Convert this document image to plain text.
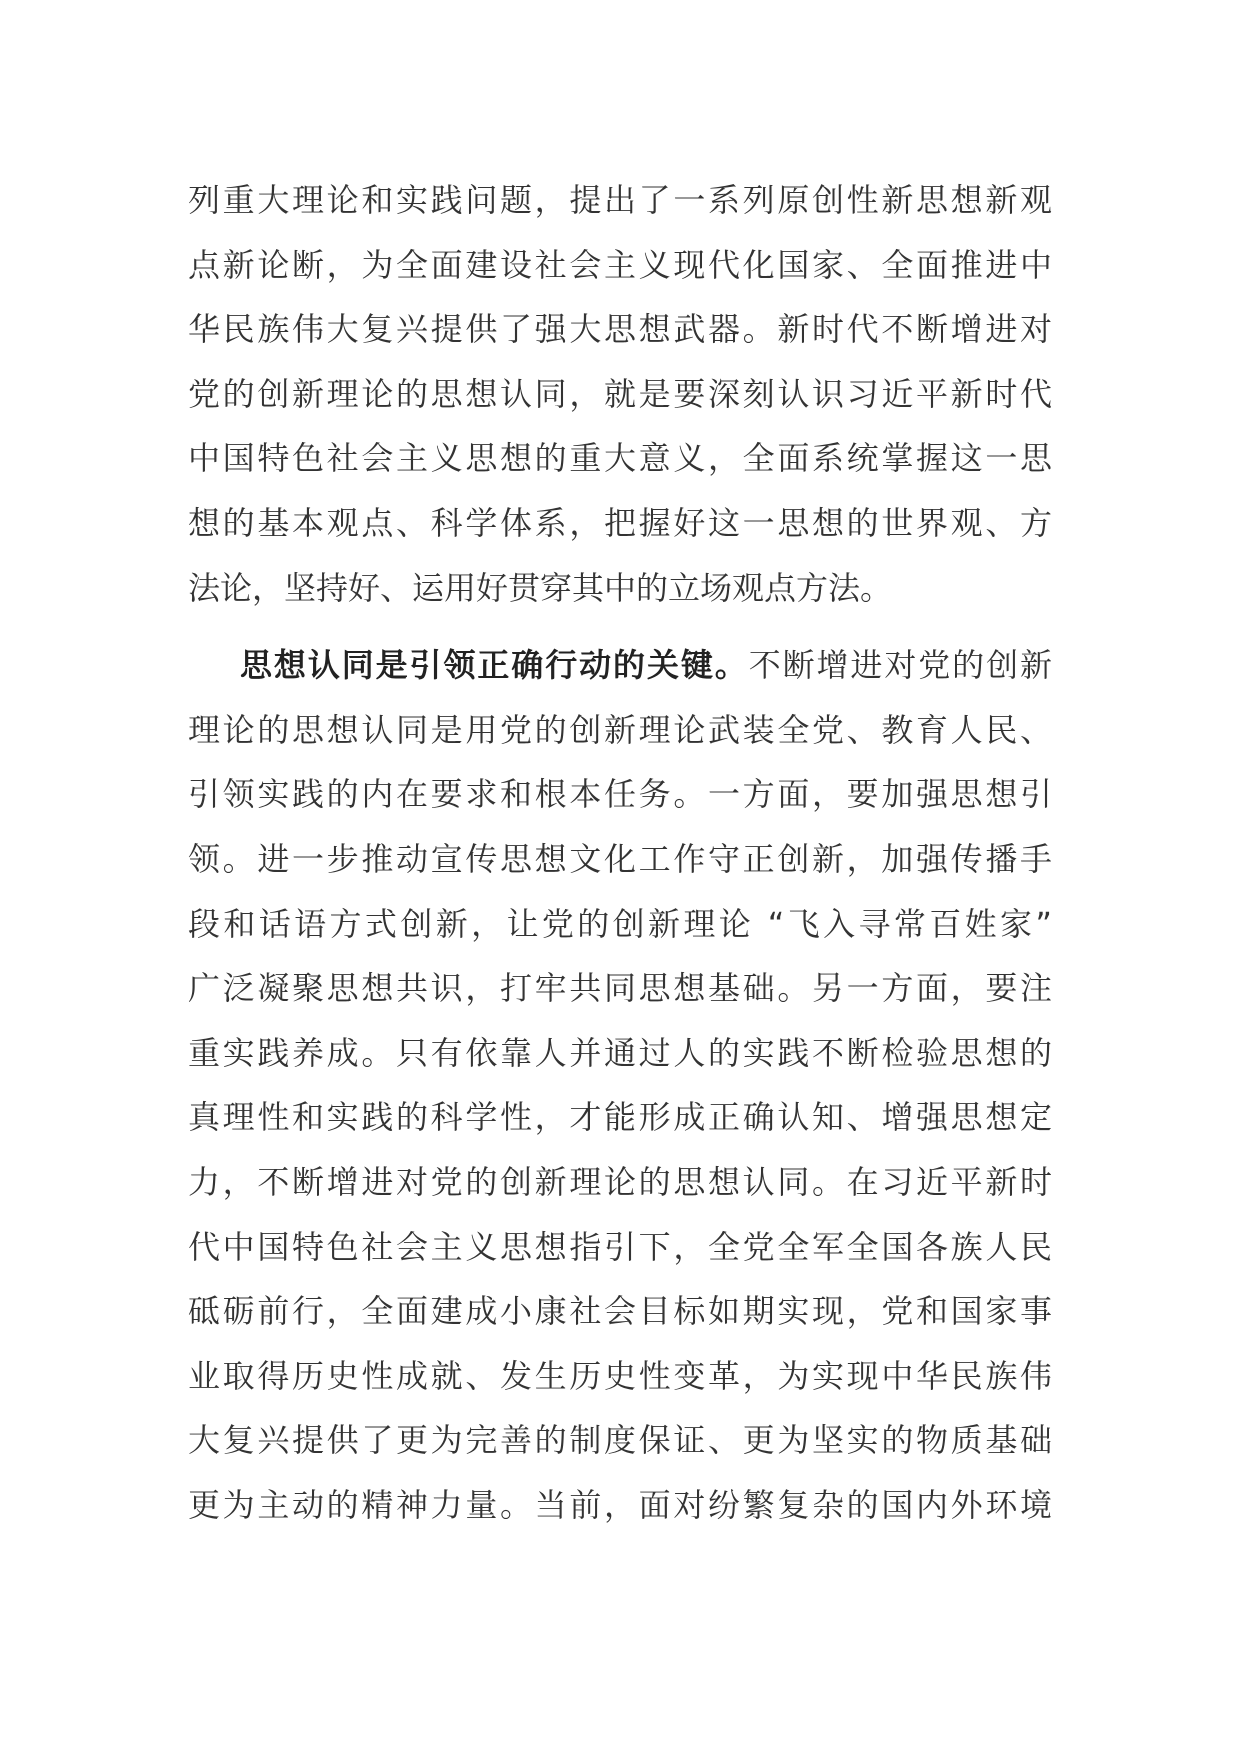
列重大理论和实践问题，提出了一系列原创性新思想新观
点新论断，为全面建设社会主义现代化国家、全面推进中
华民族伟大复兴提供了强大思想武器。新时代不断增进对
党的创新理论的思想认同，就是要深刻认识习近平新时代
中国特色社会主义思想的重大意义，全面系统掌握这一思
想的基本观点、科学体系，把握好这一思想的世界观、方
法论，坚持好、运用好贯穿其中的立场观点方法。
思想认同是引领正确行动的关键。不断增进对党的创新
理论的思想认同是用党的创新理论武装全党、教育人民、
引领实践的内在要求和根本任务。一方面，要加强思想引
领。进一步推动宣传思想文化工作守正创新，加强传播手
段和话语方式创新，让党的创新理论 “飞入寻常百姓家”
广泛凝聚思想共识，打牢共同思想基础。另一方面，要注
重实践养成。只有依靠人并通过人的实践不断检验思想的
真理性和实践的科学性，才能形成正确认知、增强思想定
力，不断增进对党的创新理论的思想认同。在习近平新时
代中国特色社会主义思想指引下，全党全军全国各族人民
砥砺前行，全面建成小康社会目标如期实现，党和国家事
业取得历史性成就、发生历史性变革，为实现中华民族伟
大复兴提供了更为完善的制度保证、更为坚实的物质基础
更为主动的精神力量。当前，面对纷繁复杂的国内外环境
